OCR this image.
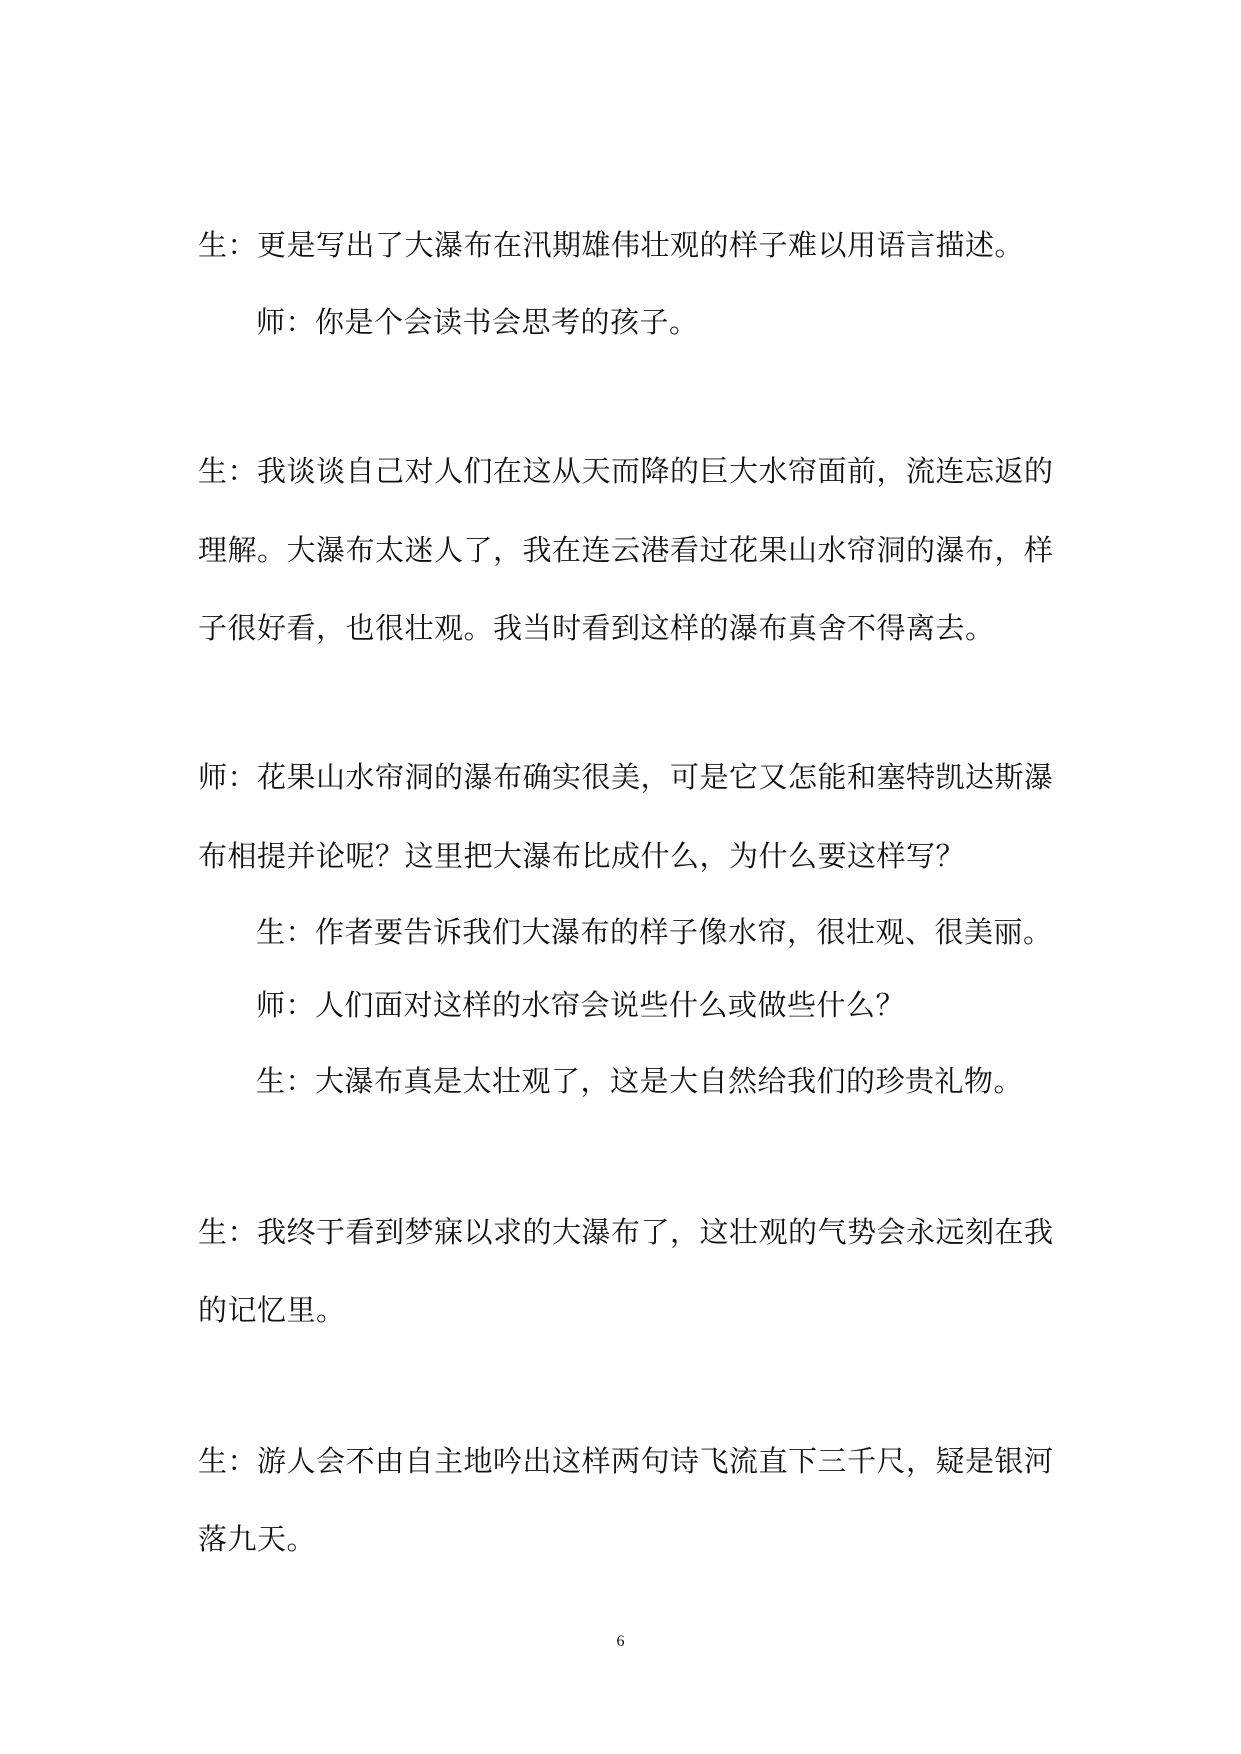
生：更是写出了大瀑布在汛期雄伟壮观的样子难以用语言描述。
师：你是个会读书会思考的孩子。
生：我谈谈自己对人们在这从天而降的巨大水帘面前，流连忘返的
理解。大瀑布太迷人了，我在连云港看过花果山水帘洞的瀑布，样
子很好看，也很壮观。我当时看到这样的瀑布真舍不得离去。
师：花果山水帘洞的瀑布确实很美，可是它又怎能和塞特凯达斯瀑
布相提并论呢？这里把大瀑布比成什么，为什么要这样写？
生：作者要告诉我们大瀑布的样子像水帘，很壮观、很美丽。
师：人们面对这样的水帘会说些什么或做些什么？
生：大瀑布真是太壮观了，这是大自然给我们的珍贵礼物。
生：我终于看到梦寐以求的大瀑布了，这壮观的气势会永远刻在我
的记忆里。
生：游人会不由自主地吟出这样两句诗飞流直下三千尺，疑是银河
落九天。
6
